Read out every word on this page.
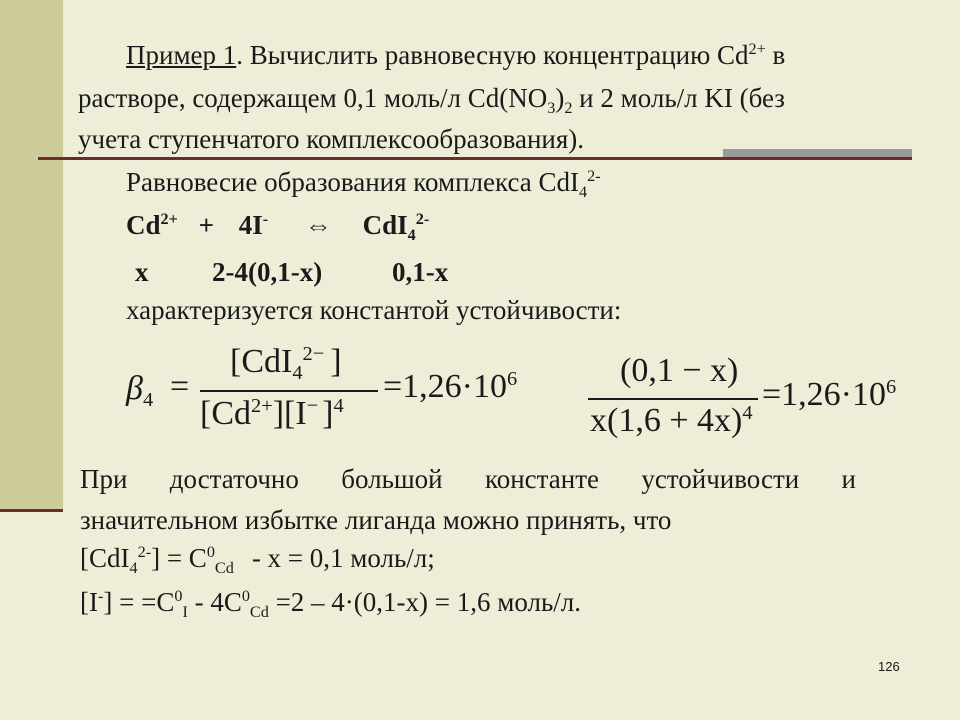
Пример 1. Вычислить равновесную концентрацию $Cd^{2+}$ в
растворе, содержащем 0,1 моль/л $Cd(NO_3)_2$ и 2 моль/л KI (без
учета ступенчатого комплексообразования).
Равновесие образования комплекса CdI$_4^{2-}$
$Cd^{2+} + 4I^-$ ⇔ CdI$_4^{2-}$
x 2-4(0,1-x)	0,1-x
характеризуется константой устойчивости:
$\beta_4$ =
[CdI$_4^{2-}$ ]
$[Cd^{2+}][I^-$ ]$^4$
$=1,26\cdot 10^6$	(0,1 − x)
$x(1,6 + 4x)^4 =1,26\cdot 10^6$
При достаточно большой константе устойчивости и
значительном избытке лиганда можно принять, что
$[CdI_4^{2-}] = C^0_{Cd} - x = 0,1$ моль/л;
$[I^-] = =C^0_I - 4C^0_{Cd} =2 - 4\cdot(0,1-x) = 1,6$ моль/л.
126
